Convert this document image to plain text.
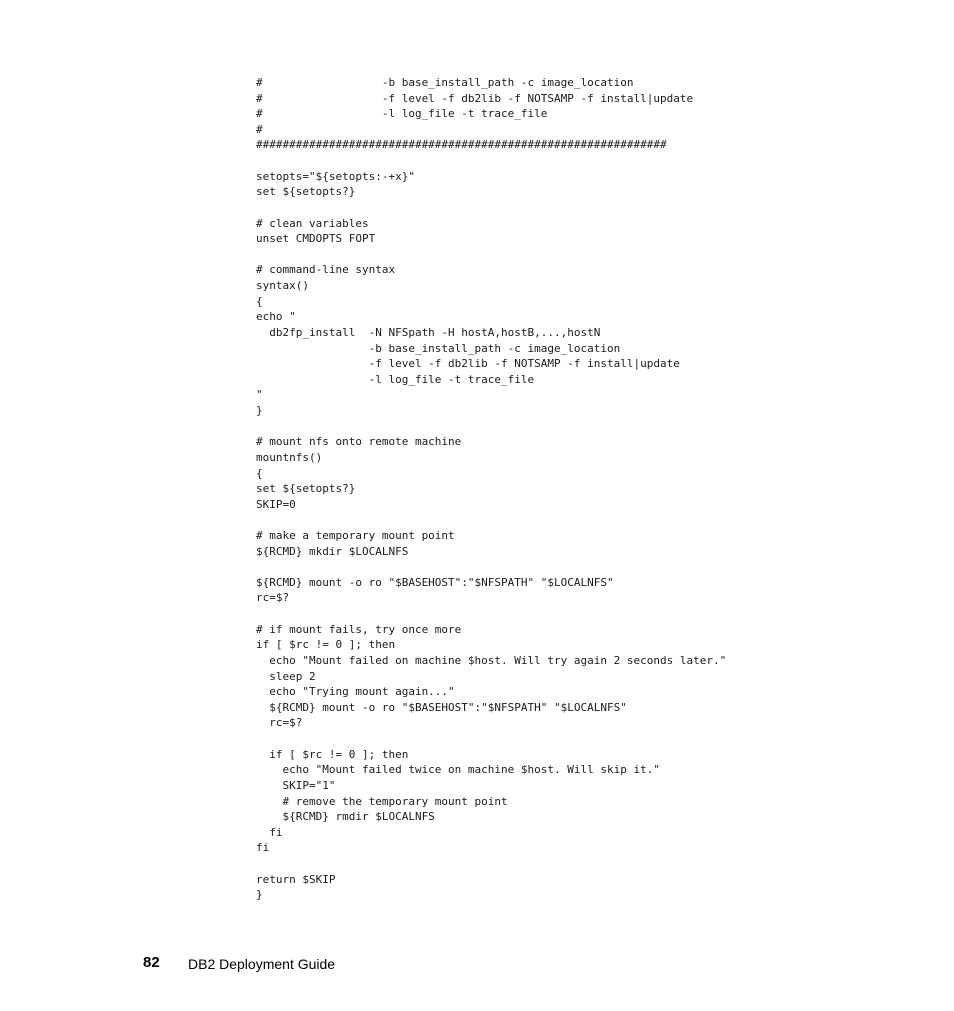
#                  -b base_install_path -c image_location
#                  -f level -f db2lib -f NOTSAMP -f install|update
#                  -l log_file -t trace_file
#
##############################################################
setopts="${setopts:-+x}"
set ${setopts?}
# clean variables
unset CMDOPTS FOPT
# command-line syntax
syntax()
{
echo "
db2fp_install  -N NFSpath -H hostA,hostB,...,hostN
-b base_install_path -c image_location
-f level -f db2lib -f NOTSAMP -f install|update
-l log_file -t trace_file
"
}
# mount nfs onto remote machine
mountnfs()
{
set ${setopts?}
SKIP=0
# make a temporary mount point
${RCMD} mkdir $LOCALNFS
${RCMD} mount -o ro "$BASEHOST":"$NFSPATH" "$LOCALNFS"
rc=$?
# if mount fails, try once more
if [ $rc != 0 ]; then
echo "Mount failed on machine $host. Will try again 2 seconds later."
sleep 2
echo "Trying mount again..."
${RCMD} mount -o ro "$BASEHOST":"$NFSPATH" "$LOCALNFS"
rc=$?
if [ $rc != 0 ]; then
echo "Mount failed twice on machine $host. Will skip it."
SKIP="1"
# remove the temporary mount point
${RCMD} rmdir $LOCALNFS
fi
fi
return $SKIP
}
82 DB2 Deployment Guide
